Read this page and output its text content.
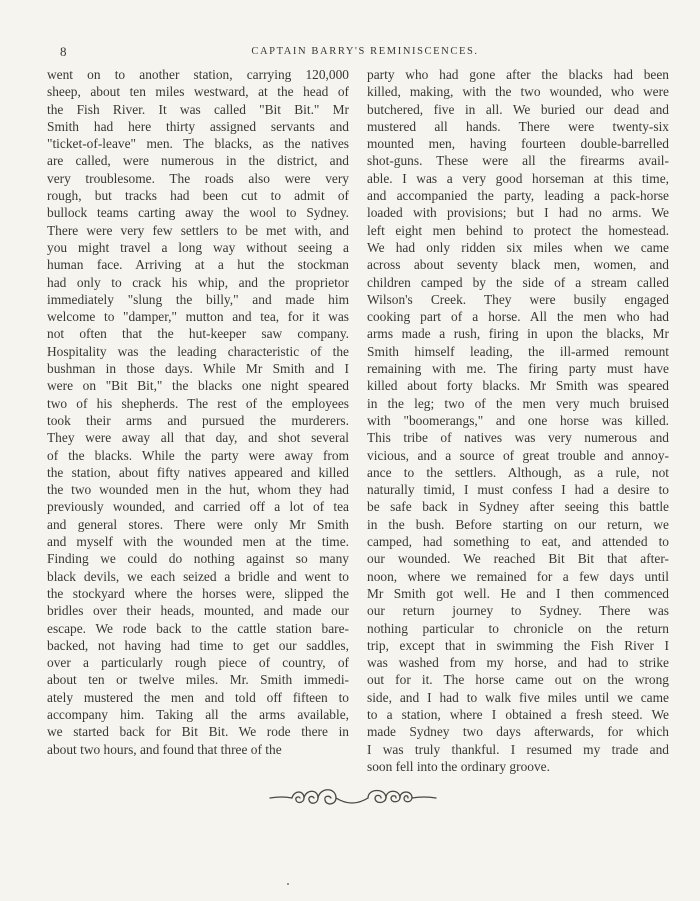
8	CAPTAIN BARRY'S REMINISCENCES.
went on to another station, carrying 120,000
sheep, about ten miles westward, at the head of
the Fish River. It was called "Bit Bit." Mr
Smith had here thirty assigned servants and
"ticket-of-leave" men. The blacks, as the natives
are called, were numerous in the district, and
very troublesome. The roads also were very
rough, but tracks had been cut to admit of
bullock teams carting away the wool to Sydney.
There were very few settlers to be met with, and
you might travel a long way without seeing a
human face. Arriving at a hut the stockman
had only to crack his whip, and the proprietor
immediately "slung the billy," and made him
welcome to "damper," mutton and tea, for it was
not often that the hut-keeper saw company.
Hospitality was the leading characteristic of the
bushman in those days. While Mr Smith and I
were on "Bit Bit," the blacks one night speared
two of his shepherds. The rest of the employees
took their arms and pursued the murderers.
They were away all that day, and shot several
of the blacks. While the party were away from
the station, about fifty natives appeared and killed
the two wounded men in the hut, whom they had
previously wounded, and carried off a lot of tea
and general stores. There were only Mr Smith
and myself with the wounded men at the time.
Finding we could do nothing against so many
black devils, we each seized a bridle and went to
the stockyard where the horses were, slipped the
bridles over their heads, mounted, and made our
escape. We rode back to the cattle station bare-
backed, not having had time to get our saddles,
over a particularly rough piece of country, of
about ten or twelve miles. Mr. Smith immedi-
ately mustered the men and told off fifteen to
accompany him. Taking all the arms available,
we started back for Bit Bit. We rode there in
about two hours, and found that three of the
party who had gone after the blacks had been
killed, making, with the two wounded, who were
butchered, five in all. We buried our dead and
mustered all hands. There were twenty-six
mounted men, having fourteen double-barrelled
shot-guns. These were all the firearms avail-
able. I was a very good horseman at this time,
and accompanied the party, leading a pack-horse
loaded with provisions; but I had no arms. We
left eight men behind to protect the homestead.
We had only ridden six miles when we came
across about seventy black men, women, and
children camped by the side of a stream called
Wilson's Creek. They were busily engaged
cooking part of a horse. All the men who had
arms made a rush, firing in upon the blacks, Mr
Smith himself leading, the ill-armed remount
remaining with me. The firing party must have
killed about forty blacks. Mr Smith was speared
in the leg; two of the men very much bruised
with "boomerangs," and one horse was killed.
This tribe of natives was very numerous and
vicious, and a source of great trouble and annoy-
ance to the settlers. Although, as a rule, not
naturally timid, I must confess I had a desire to
be safe back in Sydney after seeing this battle
in the bush. Before starting on our return, we
camped, had something to eat, and attended to
our wounded. We reached Bit Bit that after-
noon, where we remained for a few days until
Mr Smith got well. He and I then commenced
our return journey to Sydney. There was
nothing particular to chronicle on the return
trip, except that in swimming the Fish River I
was washed from my horse, and had to strike
out for it. The horse came out on the wrong
side, and I had to walk five miles until we came
to a station, where I obtained a fresh steed. We
made Sydney two days afterwards, for which
I was truly thankful. I resumed my trade and
soon fell into the ordinary groove.
